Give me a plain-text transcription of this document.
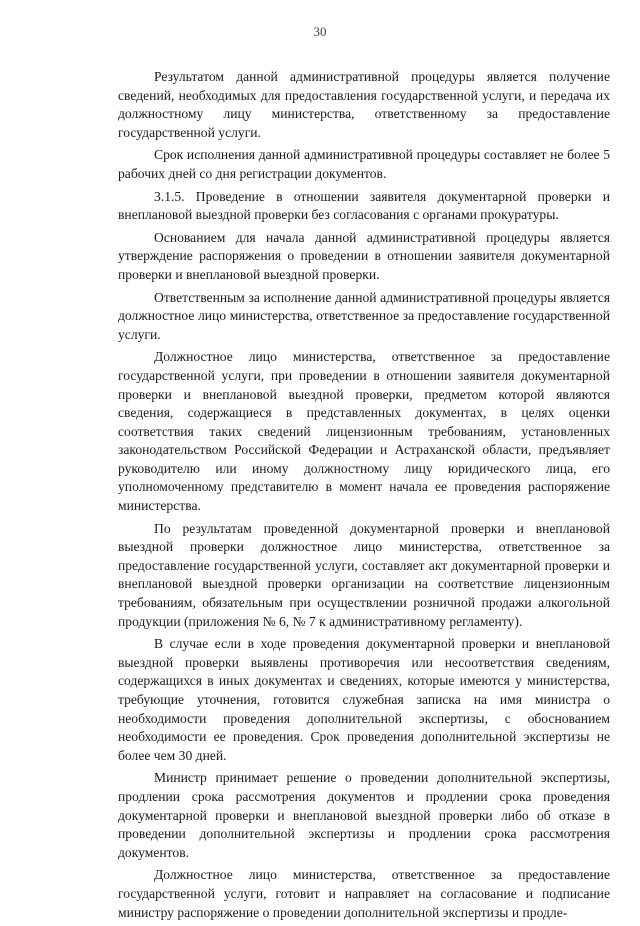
30

Результатом данной административной процедуры является получение сведений, необходимых для предоставления государственной услуги, и передача их должностному лицу министерства, ответственному за предоставление государственной услуги.

Срок исполнения данной административной процедуры составляет не более 5 рабочих дней со дня регистрации документов.

3.1.5. Проведение в отношении заявителя документарной проверки и внеплановой выездной проверки без согласования с органами прокуратуры.

Основанием для начала данной административной процедуры является утверждение распоряжения о проведении в отношении заявителя документарной проверки и внеплановой выездной проверки.

Ответственным за исполнение данной административной процедуры является должностное лицо министерства, ответственное за предоставление государственной услуги.

Должностное лицо министерства, ответственное за предоставление государственной услуги, при проведении в отношении заявителя документарной проверки и внеплановой выездной проверки, предметом которой являются сведения, содержащиеся в представленных документах, в целях оценки соответствия таких сведений лицензионным требованиям, установленных законодательством Российской Федерации и Астраханской области, предъявляет руководителю или иному должностному лицу юридического лица, его уполномоченному представителю в момент начала ее проведения распоряжение министерства.

По результатам проведенной документарной проверки и внеплановой выездной проверки должностное лицо министерства, ответственное за предоставление государственной услуги, составляет акт документарной проверки и внеплановой выездной проверки организации на соответствие лицензионным требованиям, обязательным при осуществлении розничной продажи алкогольной продукции (приложения № 6, № 7 к административному регламенту).

В случае если в ходе проведения документарной проверки и внеплановой выездной проверки выявлены противоречия или несоответствия сведениям, содержащихся в иных документах и сведениях, которые имеются у министерства, требующие уточнения, готовится служебная записка на имя министра о необходимости проведения дополнительной экспертизы, с обоснованием необходимости ее проведения. Срок проведения дополнительной экспертизы не более чем 30 дней.

Министр принимает решение о проведении дополнительной экспертизы, продлении срока рассмотрения документов и продлении срока проведения документарной проверки и внеплановой выездной проверки либо об отказе в проведении дополнительной экспертизы и продлении срока рассмотрения документов.

Должностное лицо министерства, ответственное за предоставление государственной услуги, готовит и направляет на согласование и подписание министру распоряжение о проведении дополнительной экспертизы и продле-
